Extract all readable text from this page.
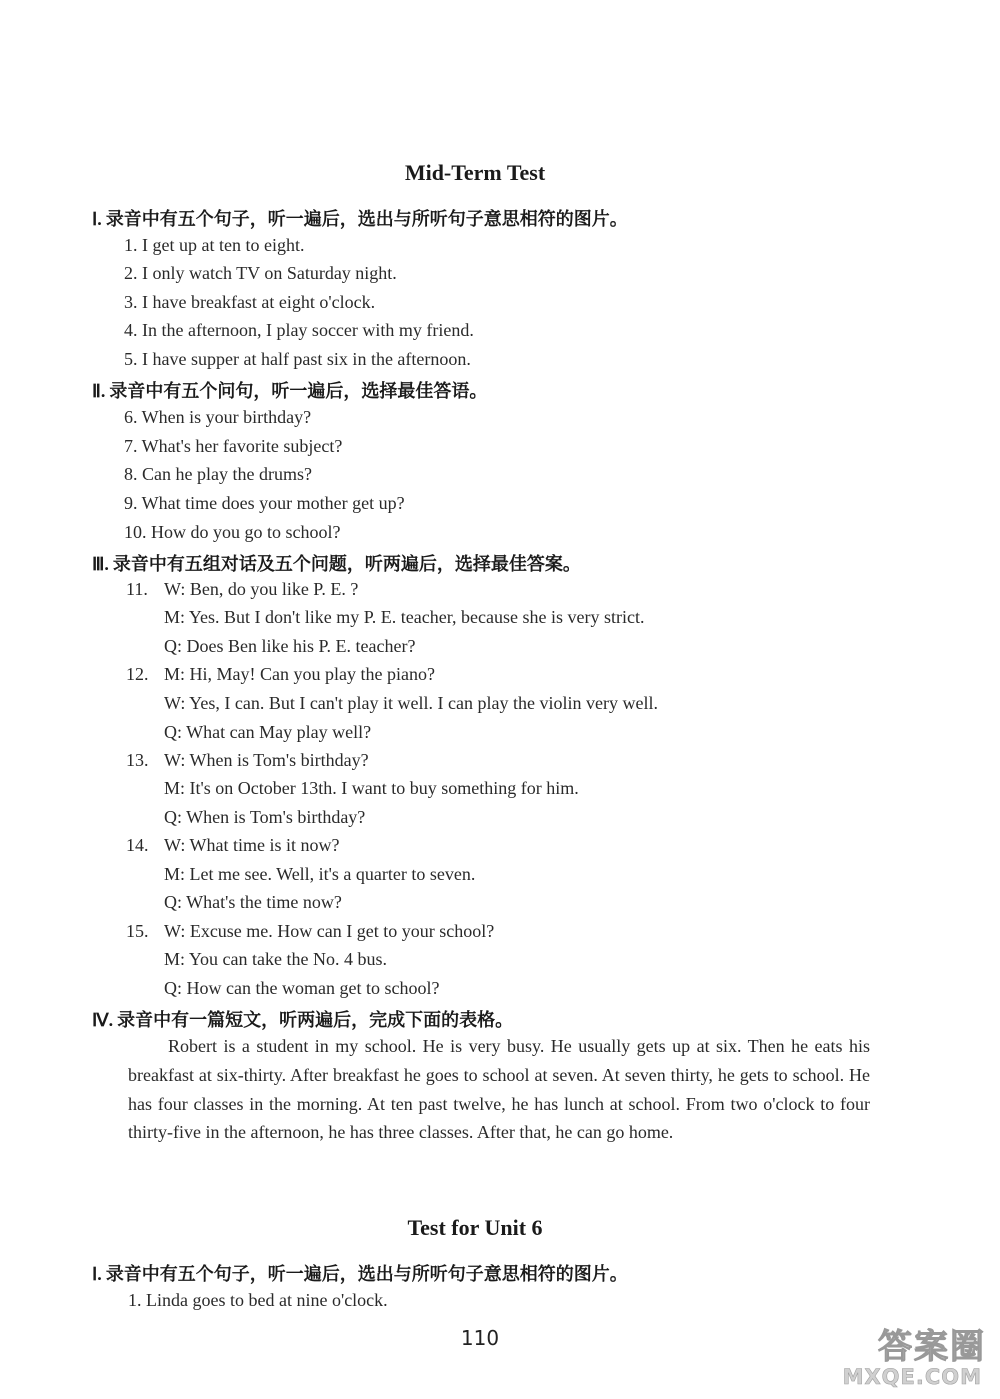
Mid-Term Test
Ⅰ. 录音中有五个句子，听一遍后，选出与所听句子意思相符的图片。
1. I get up at ten to eight.
2. I only watch TV on Saturday night.
3. I have breakfast at eight o'clock.
4. In the afternoon, I play soccer with my friend.
5. I have supper at half past six in the afternoon.
Ⅱ. 录音中有五个问句，听一遍后，选择最佳答语。
6. When is your birthday?
7. What's her favorite subject?
8. Can he play the drums?
9. What time does your mother get up?
10. How do you go to school?
Ⅲ. 录音中有五组对话及五个问题，听两遍后，选择最佳答案。
11. W: Ben, do you like P. E. ?
M: Yes. But I don't like my P. E. teacher, because she is very strict.
Q: Does Ben like his P. E. teacher?
12. M: Hi, May! Can you play the piano?
W: Yes, I can. But I can't play it well. I can play the violin very well.
Q: What can May play well?
13. W: When is Tom's birthday?
M: It's on October 13th. I want to buy something for him.
Q: When is Tom's birthday?
14. W: What time is it now?
M: Let me see. Well, it's a quarter to seven.
Q: What's the time now?
15. W: Excuse me. How can I get to your school?
M: You can take the No. 4 bus.
Q: How can the woman get to school?
Ⅳ. 录音中有一篇短文，听两遍后，完成下面的表格。
Robert is a student in my school. He is very busy. He usually gets up at six. Then he eats his breakfast at six-thirty. After breakfast he goes to school at seven. At seven thirty, he gets to school. He has four classes in the morning. At ten past twelve, he has lunch at school. From two o'clock to four thirty-five in the afternoon, he has three classes. After that, he can go home.
Test for Unit 6
Ⅰ. 录音中有五个句子，听一遍后，选出与所听句子意思相符的图片。
1. Linda goes to bed at nine o'clock.
110	答案圈
MXQE.COM
